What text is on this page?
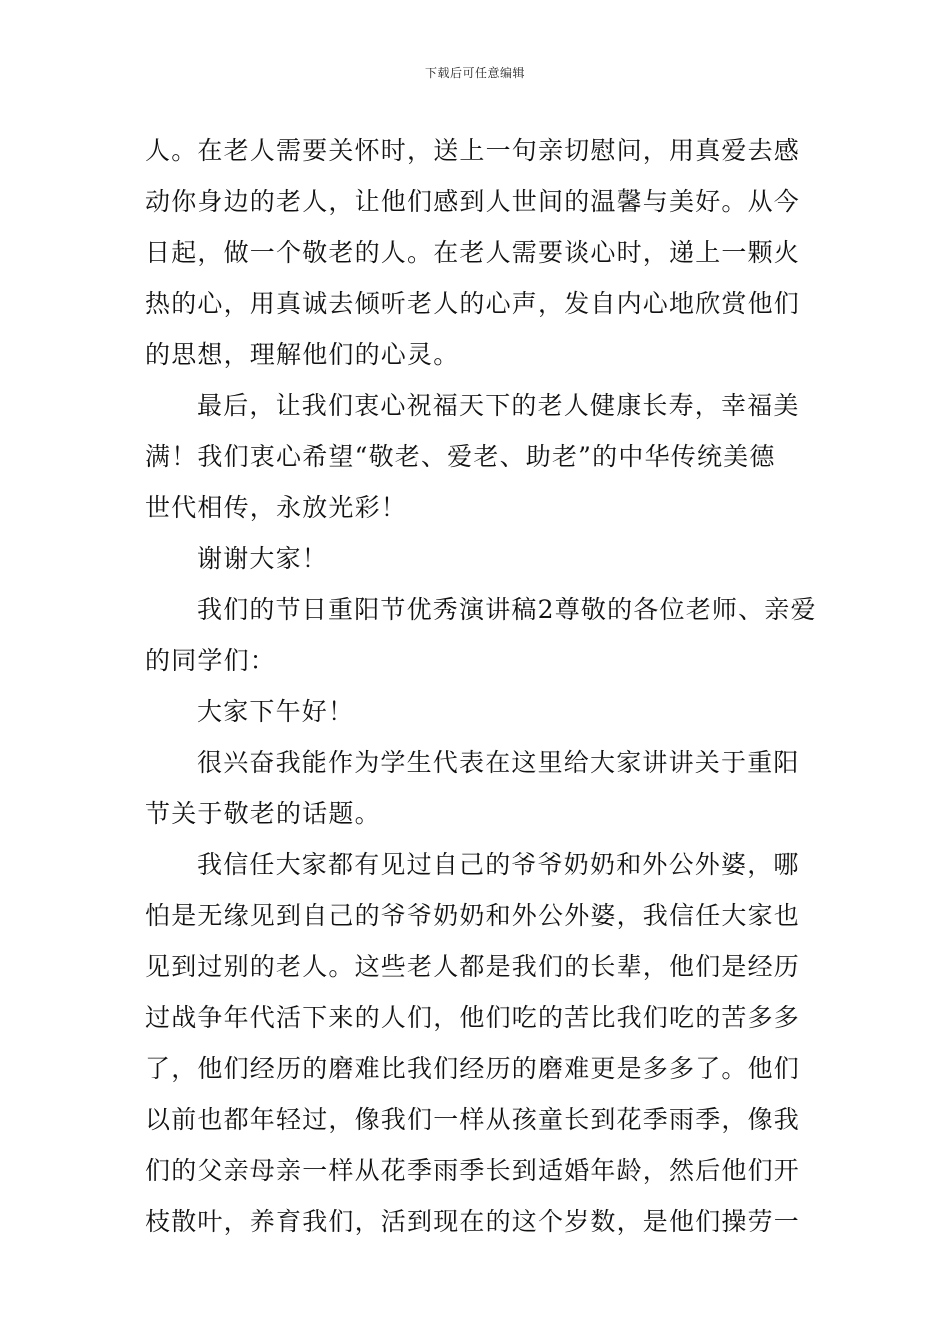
下载后可任意编辑
人。在老人需要关怀时，送上一句亲切慰问，用真爱去感
动你身边的老人，让他们感到人世间的温馨与美好。从今
日起，做一个敬老的人。在老人需要谈心时，递上一颗火
热的心，用真诚去倾听老人的心声，发自内心地欣赏他们
的思想，理解他们的心灵。
最后，让我们衷心祝福天下的老人健康长寿，幸福美
满！我们衷心希望“敬老、爱老、助老”的中华传统美德
世代相传，永放光彩！
谢谢大家！
我们的节日重阳节优秀演讲稿2尊敬的各位老师、亲爱
的同学们：
大家下午好！
很兴奋我能作为学生代表在这里给大家讲讲关于重阳
节关于敬老的话题。
我信任大家都有见过自己的爷爷奶奶和外公外婆，哪
怕是无缘见到自己的爷爷奶奶和外公外婆，我信任大家也
见到过别的老人。这些老人都是我们的长辈，他们是经历
过战争年代活下来的人们，他们吃的苦比我们吃的苦多多
了，他们经历的磨难比我们经历的磨难更是多多了。他们
以前也都年轻过，像我们一样从孩童长到花季雨季，像我
们的父亲母亲一样从花季雨季长到适婚年龄，然后他们开
枝散叶，养育我们，活到现在的这个岁数，是他们操劳一
